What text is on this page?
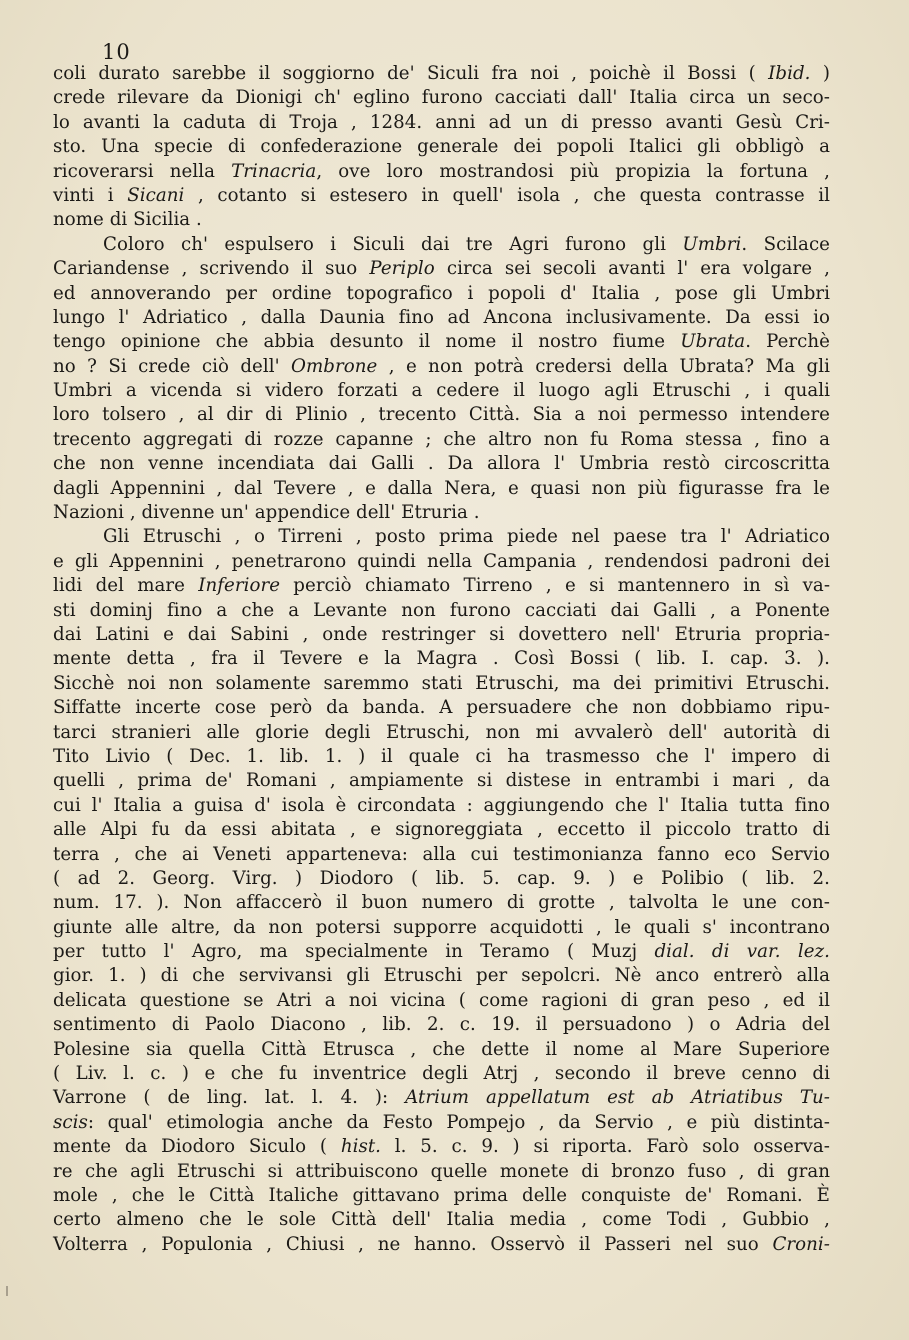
10
coli durato sarebbe il soggiorno de' Siculi fra noi , poichè il Bossi ( Ibid. )
crede rilevare da Dionigi ch' eglino furono cacciati dall' Italia circa un seco-
lo avanti la caduta di Troja , 1284. anni ad un di presso avanti Gesù Cri-
sto. Una specie di confederazione generale dei popoli Italici gli obbligò a
ricoverarsi nella Trinacria, ove loro mostrandosi più propizia la fortuna ,
vinti i Sicani , cotanto si estesero in quell' isola , che questa contrasse il
nome di Sicilia .
Coloro ch' espulsero i Siculi dai tre Agri furono gli Umbri. Scilace
Cariandense , scrivendo il suo Periplo circa sei secoli avanti l' era volgare ,
ed annoverando per ordine topografico i popoli d' Italia , pose gli Umbri
lungo l' Adriatico , dalla Daunia fino ad Ancona inclusivamente. Da essi io
tengo opinione che abbia desunto il nome il nostro fiume Ubrata. Perchè
no ? Si crede ciò dell' Ombrone , e non potrà credersi della Ubrata? Ma gli
Umbri a vicenda si videro forzati a cedere il luogo agli Etruschi , i quali
loro tolsero , al dir di Plinio , trecento Città. Sia a noi permesso intendere
trecento aggregati di rozze capanne ; che altro non fu Roma stessa , fino a
che non venne incendiata dai Galli . Da allora l' Umbria restò circoscritta
dagli Appennini , dal Tevere , e dalla Nera, e quasi non più figurasse fra le
Nazioni , divenne un' appendice dell' Etruria .
Gli Etruschi , o Tirreni , posto prima piede nel paese tra l' Adriatico
e gli Appennini , penetrarono quindi nella Campania , rendendosi padroni dei
lidi del mare Inferiore perciò chiamato Tirreno , e si mantennero in sì va-
sti dominj fino a che a Levante non furono cacciati dai Galli , a Ponente
dai Latini e dai Sabini , onde restringer si dovettero nell' Etruria propria-
mente detta , fra il Tevere e la Magra . Così Bossi ( lib. I. cap. 3. ).
Sicchè noi non solamente saremmo stati Etruschi, ma dei primitivi Etruschi.
Siffatte incerte cose però da banda. A persuadere che non dobbiamo ripu-
tarci stranieri alle glorie degli Etruschi, non mi avvalerò dell' autorità di
Tito Livio ( Dec. 1. lib. 1. ) il quale ci ha trasmesso che l' impero di
quelli , prima de' Romani , ampiamente si distese in entrambi i mari , da
cui l' Italia a guisa d' isola è circondata : aggiungendo che l' Italia tutta fino
alle Alpi fu da essi abitata , e signoreggiata , eccetto il piccolo tratto di
terra , che ai Veneti apparteneva: alla cui testimonianza fanno eco Servio
( ad 2. Georg. Virg. ) Diodoro ( lib. 5. cap. 9. ) e Polibio ( lib. 2.
num. 17. ). Non affaccerò il buon numero di grotte , talvolta le une con-
giunte alle altre, da non potersi supporre acquidotti , le quali s' incontrano
per tutto l' Agro, ma specialmente in Teramo ( Muzj dial. di var. lez.
gior. 1. ) di che servivansi gli Etruschi per sepolcri. Nè anco entrerò alla
delicata questione se Atri a noi vicina ( come ragioni di gran peso , ed il
sentimento di Paolo Diacono , lib. 2. c. 19. il persuadono ) o Adria del
Polesine sia quella Città Etrusca , che dette il nome al Mare Superiore
( Liv. l. c. ) e che fu inventrice degli Atrj , secondo il breve cenno di
Varrone ( de ling. lat. l. 4. ): Atrium appellatum est ab Atriatibus Tu-
scis: qual' etimologia anche da Festo Pompejo , da Servio , e più distinta-
mente da Diodoro Siculo ( hist. l. 5. c. 9. ) si riporta. Farò solo osserva-
re che agli Etruschi si attribuiscono quelle monete di bronzo fuso , di gran
mole , che le Città Italiche gittavano prima delle conquiste de' Romani. È
certo almeno che le sole Città dell' Italia media , come Todi , Gubbio ,
Volterra , Populonia , Chiusi , ne hanno. Osservò il Passeri nel suo Croni-
